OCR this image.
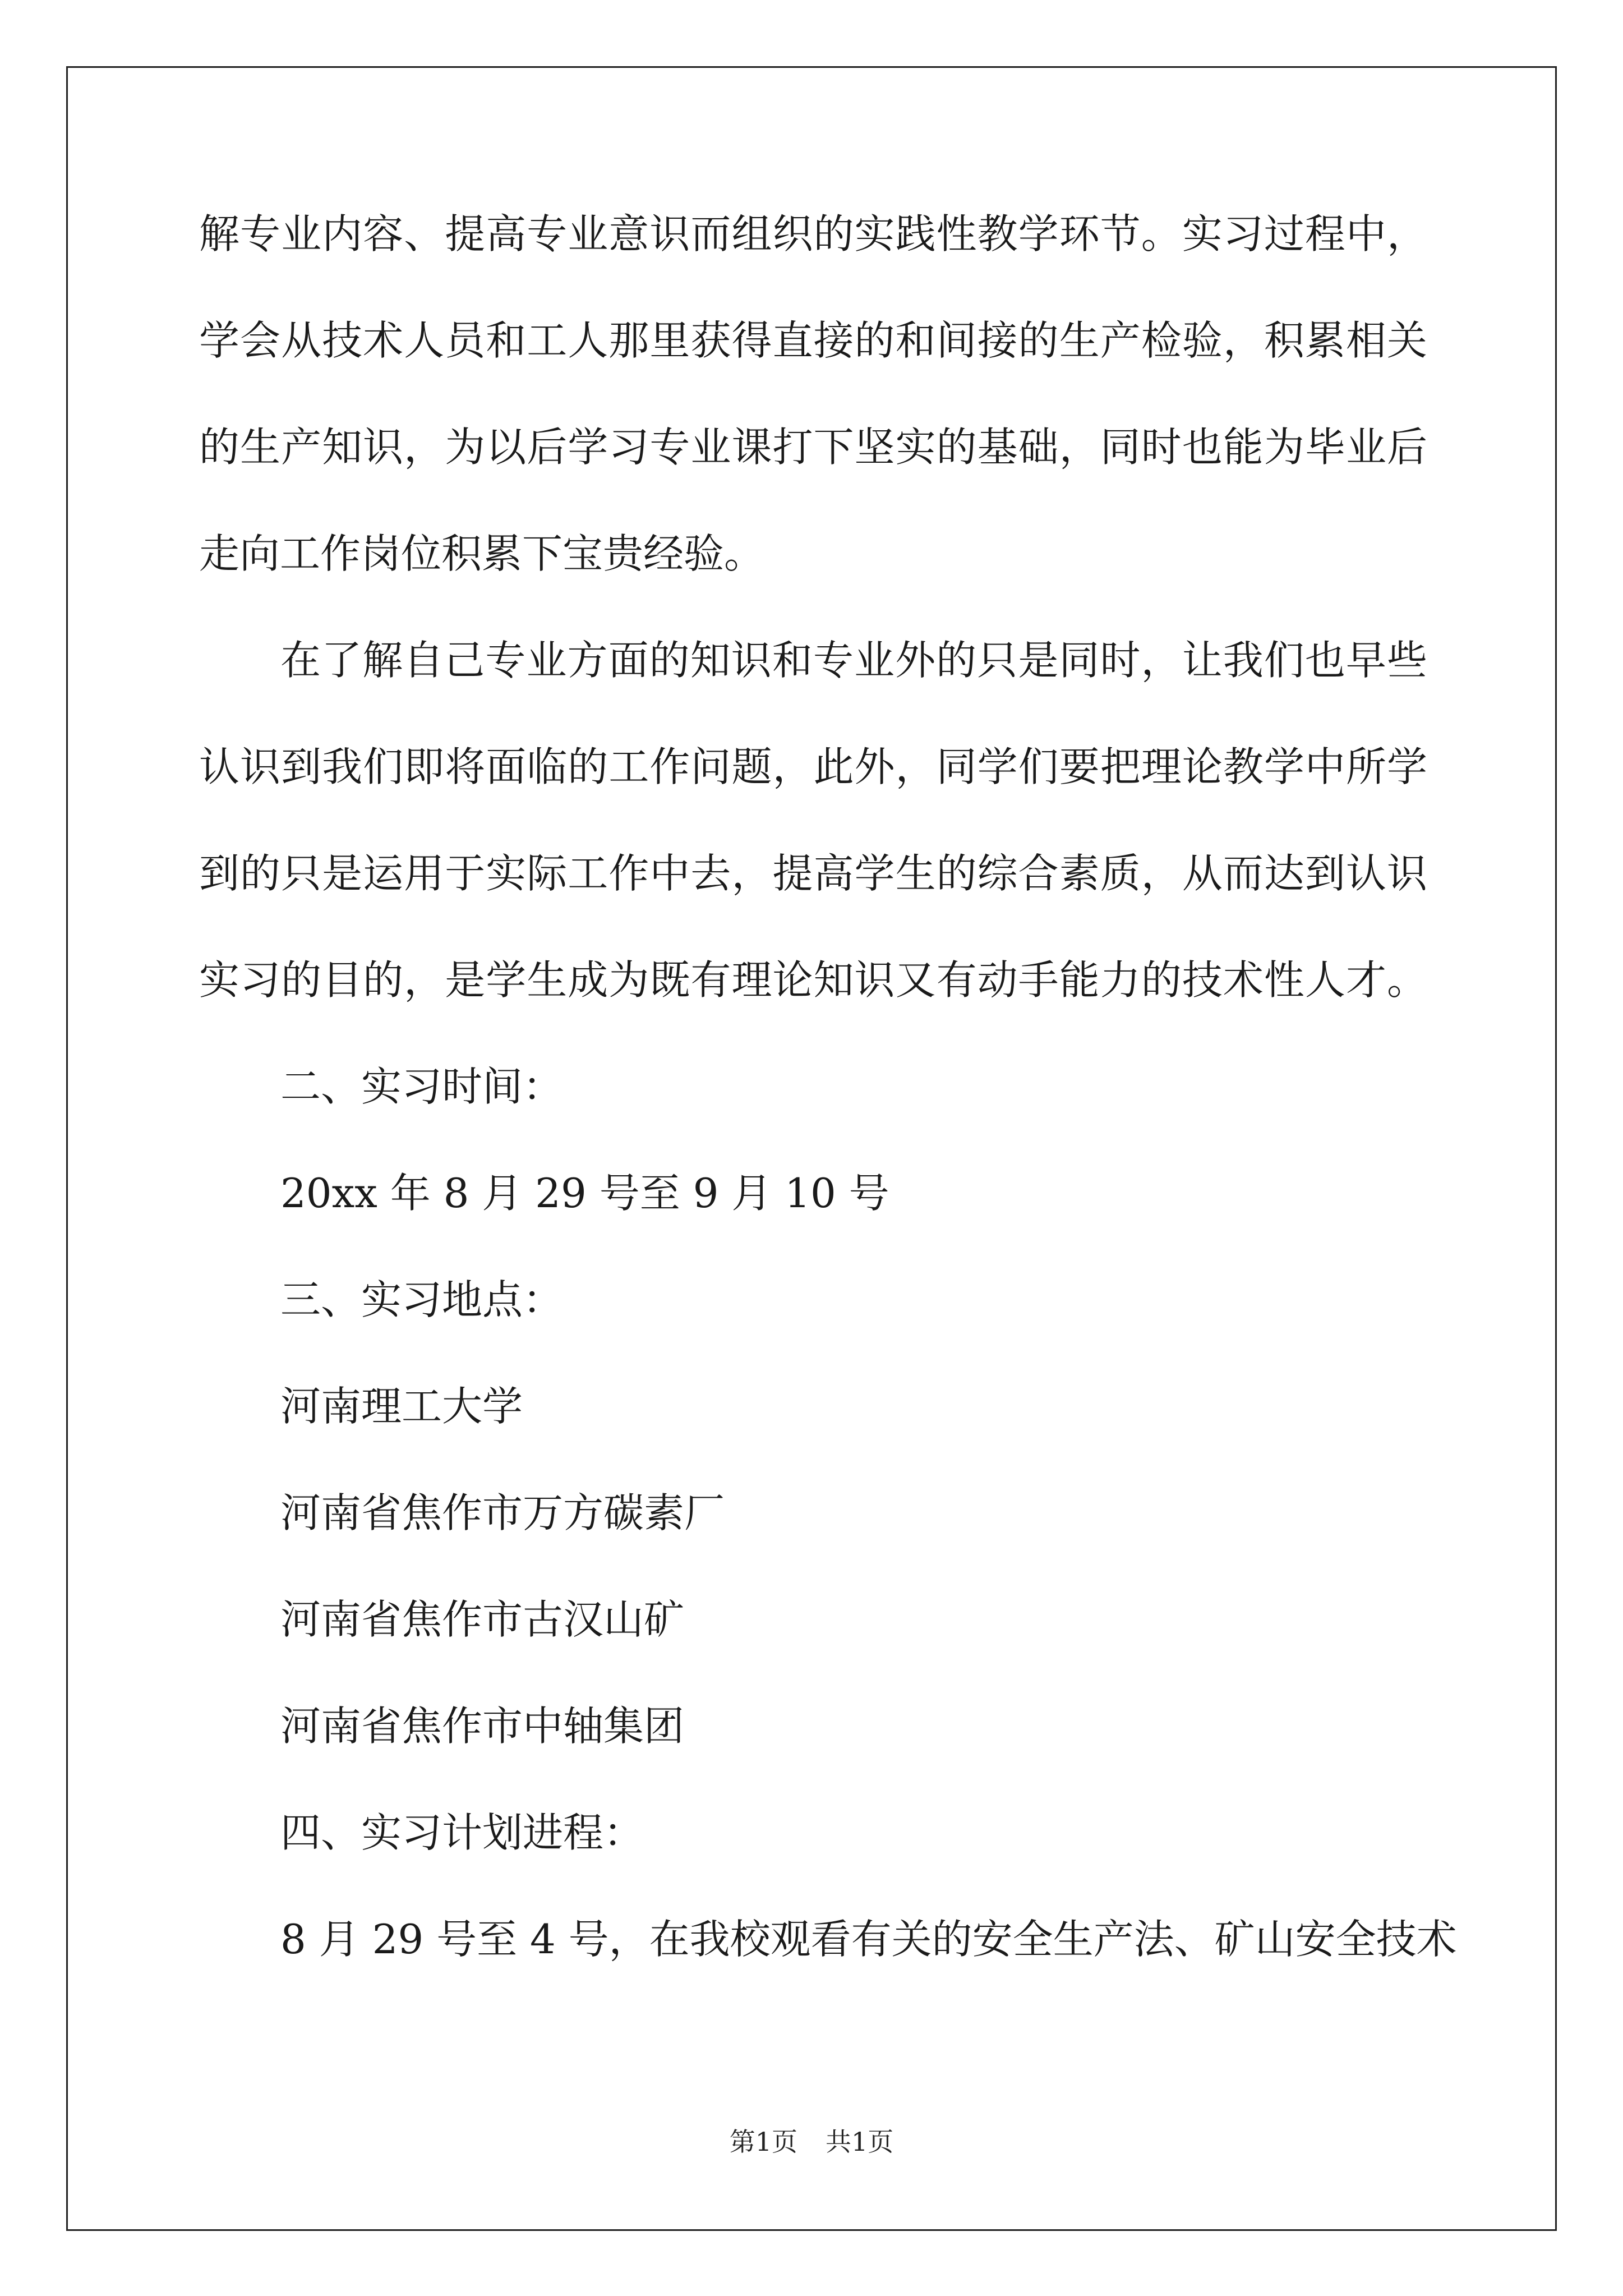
解专业内容、提高专业意识而组织的实践性教学环节。实习过程中，
学会从技术人员和工人那里获得直接的和间接的生产检验，积累相关
的生产知识，为以后学习专业课打下坚实的基础，同时也能为毕业后
走向工作岗位积累下宝贵经验。
在了解自己专业方面的知识和专业外的只是同时，让我们也早些
认识到我们即将面临的工作问题，此外，同学们要把理论教学中所学
到的只是运用于实际工作中去，提高学生的综合素质，从而达到认识
实习的目的，是学生成为既有理论知识又有动手能力的技术性人才。
二、实习时间：
20xx 年 8 月 29 号至 9 月 10 号
三、实习地点：
河南理工大学
河南省焦作市万方碳素厂
河南省焦作市古汉山矿
河南省焦作市中轴集团
四、实习计划进程：
8 月 29 号至 4 号，在我校观看有关的安全生产法、矿山安全技术
第1页 共1页
